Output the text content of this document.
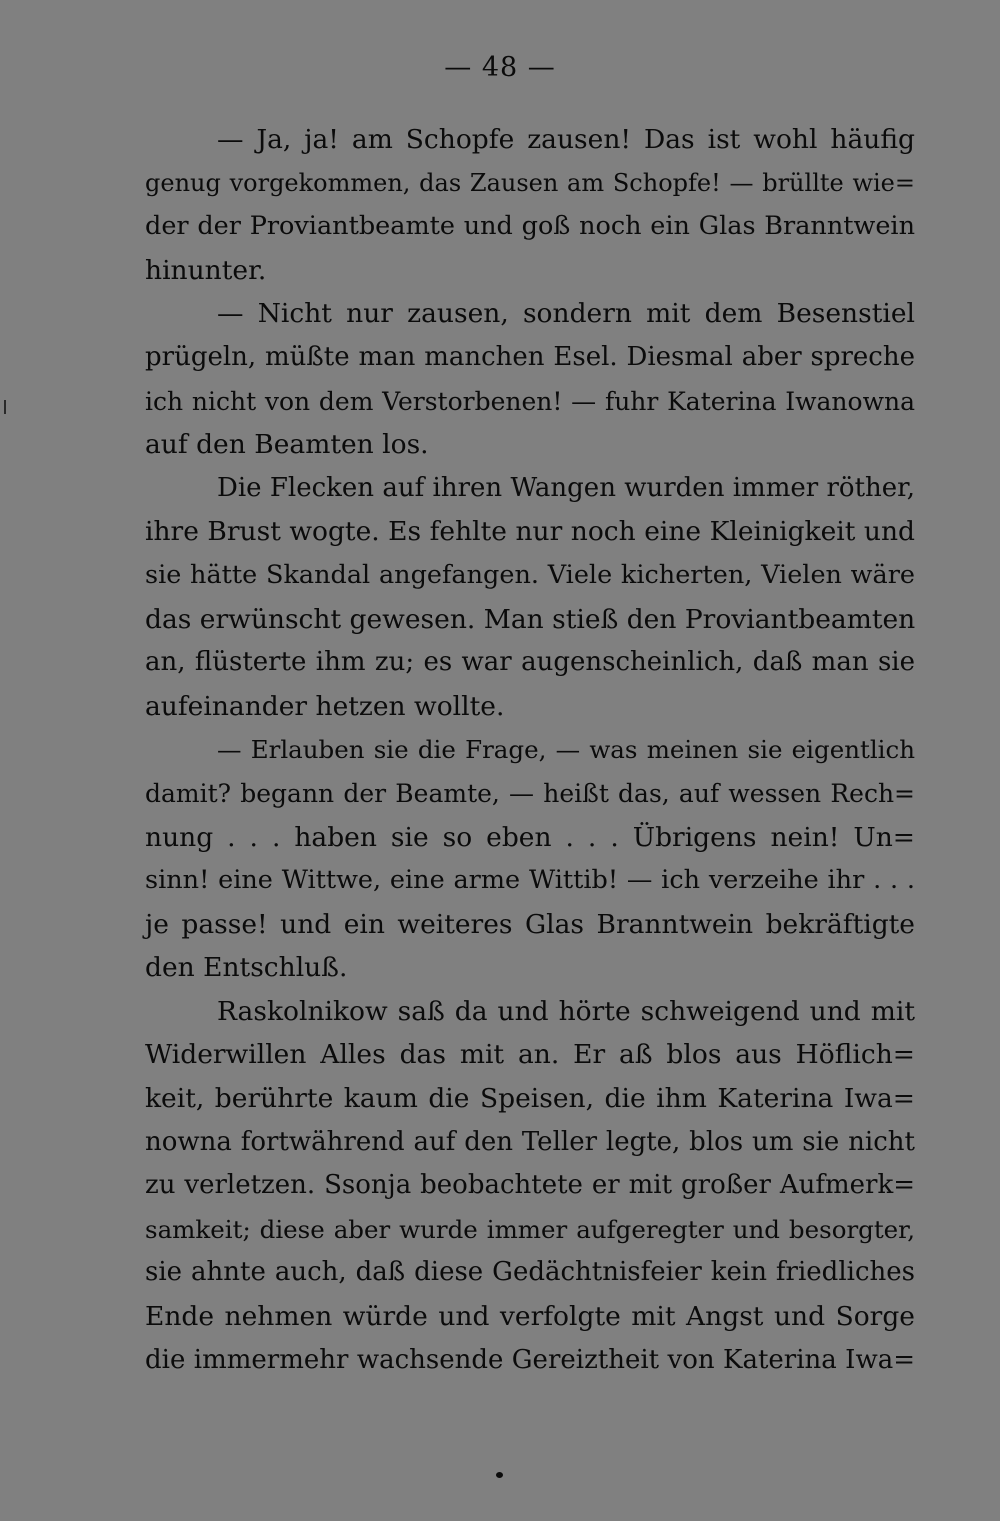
— 48 —
— Ja, ja! am Schopfe zausen! Das ist wohl häufig
genug vorgekommen, das Zausen am Schopfe! — brüllte wie=
der der Proviantbeamte und goß noch ein Glas Branntwein
hinunter.
— Nicht nur zausen, sondern mit dem Besenstiel
prügeln, müßte man manchen Esel. Diesmal aber spreche
ich nicht von dem Verstorbenen! — fuhr Katerina Iwanowna
auf den Beamten los.
Die Flecken auf ihren Wangen wurden immer röther,
ihre Brust wogte. Es fehlte nur noch eine Kleinigkeit und
sie hätte Skandal angefangen. Viele kicherten, Vielen wäre
das erwünscht gewesen. Man stieß den Proviantbeamten
an, flüsterte ihm zu; es war augenscheinlich, daß man sie
aufeinander hetzen wollte.
— Erlauben sie die Frage, — was meinen sie eigentlich
damit? begann der Beamte, — heißt das, auf wessen Rech=
nung . . . haben sie so eben . . . Übrigens nein! Un=
sinn! eine Wittwe, eine arme Wittib! — ich verzeihe ihr . . .
je passe! und ein weiteres Glas Branntwein bekräftigte
den Entschluß.
Raskolnikow saß da und hörte schweigend und mit
Widerwillen Alles das mit an. Er aß blos aus Höflich=
keit, berührte kaum die Speisen, die ihm Katerina Iwa=
nowna fortwährend auf den Teller legte, blos um sie nicht
zu verletzen. Ssonja beobachtete er mit großer Aufmerk=
samkeit; diese aber wurde immer aufgeregter und besorgter,
sie ahnte auch, daß diese Gedächtnisfeier kein friedliches
Ende nehmen würde und verfolgte mit Angst und Sorge
die immermehr wachsende Gereiztheit von Katerina Iwa=
